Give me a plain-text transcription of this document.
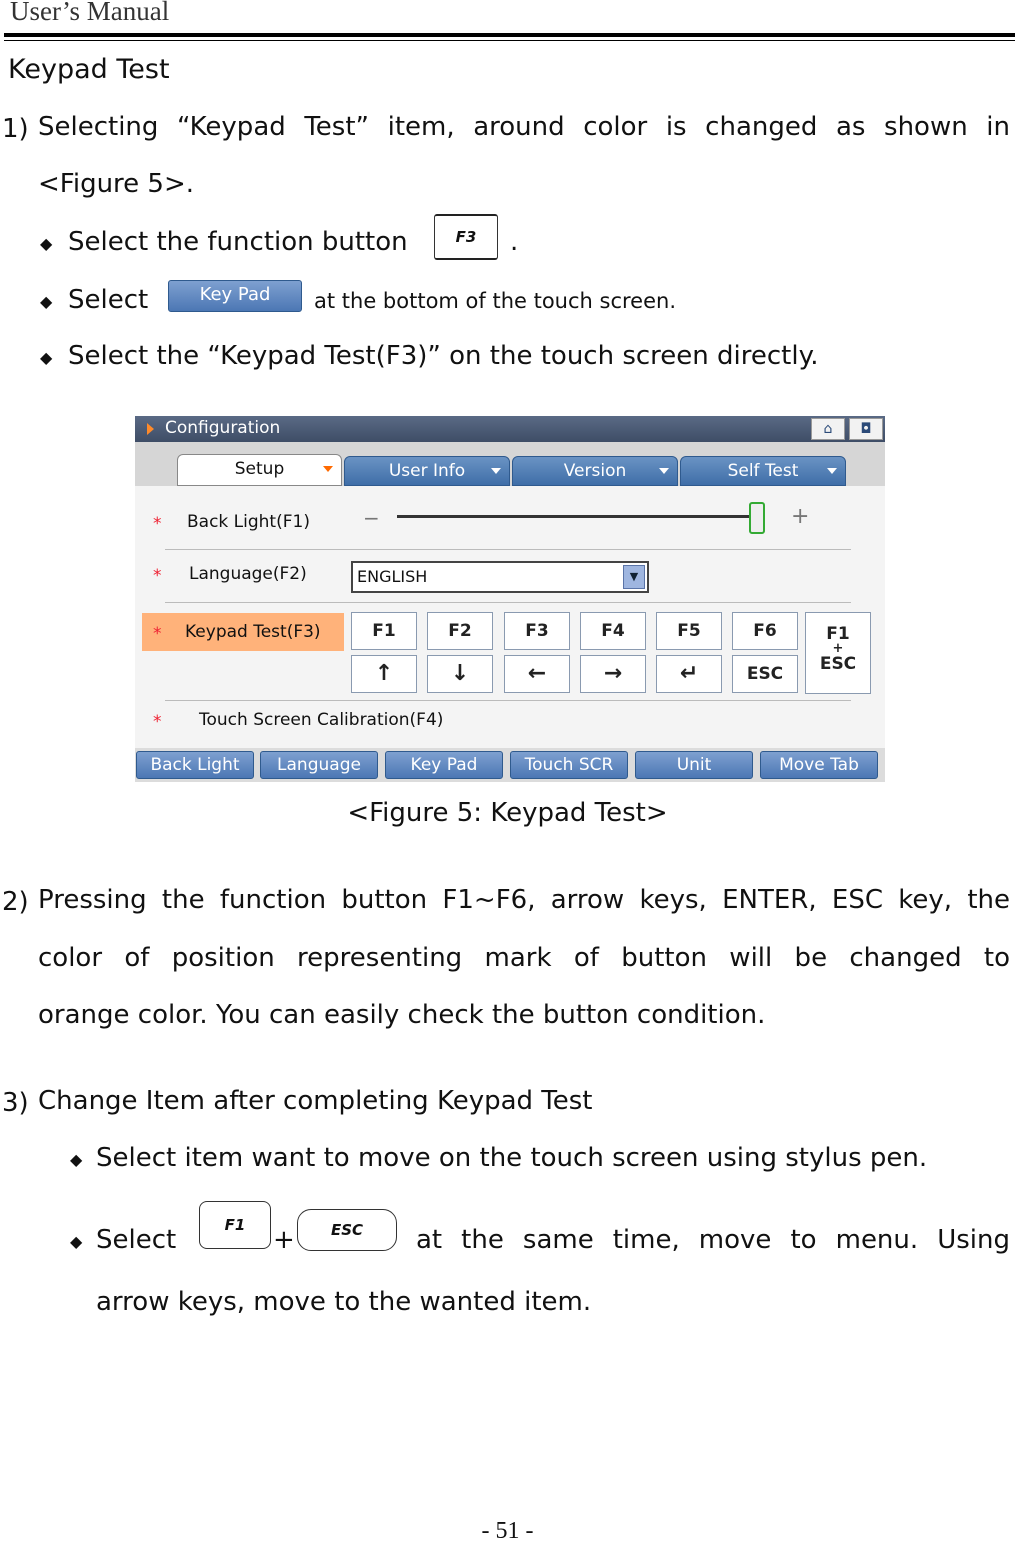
User’s Manual
Keypad Test
1) Selecting “Keypad Test” item, around color is changed as shown in
<Figure 5>.
◆ Select the function button	F3	.
◆ Select	Key Pad	at the bottom of the touch screen.
◆ Select the “Keypad Test(F3)” on the touch screen directly.
Configuration	⌂	◘
Setup	User Info	Version	Self Test
* Back Light(F1)	−	+
* Language(F2)	ENGLISH	▼
* Keypad Test(F3)	F1	F2	F3	F4	F5	F6
↑	↓	←	→	↵	ESC
F1
+
ESC
* Touch Screen Calibration(F4)
Back Light	Language	Key Pad	Touch SCR	Unit	Move Tab
<Figure 5: Keypad Test>
2) Pressing the function button F1~F6, arrow keys, ENTER, ESC key, the
color of position representing mark of button will be changed to
orange color. You can easily check the button condition.
3) Change Item after completing Keypad Test
◆ Select item want to move on the touch screen using stylus pen.
◆ Select	F1	+	ESC	at the same time, move to menu. Using
arrow keys, move to the wanted item.
- 51 -
